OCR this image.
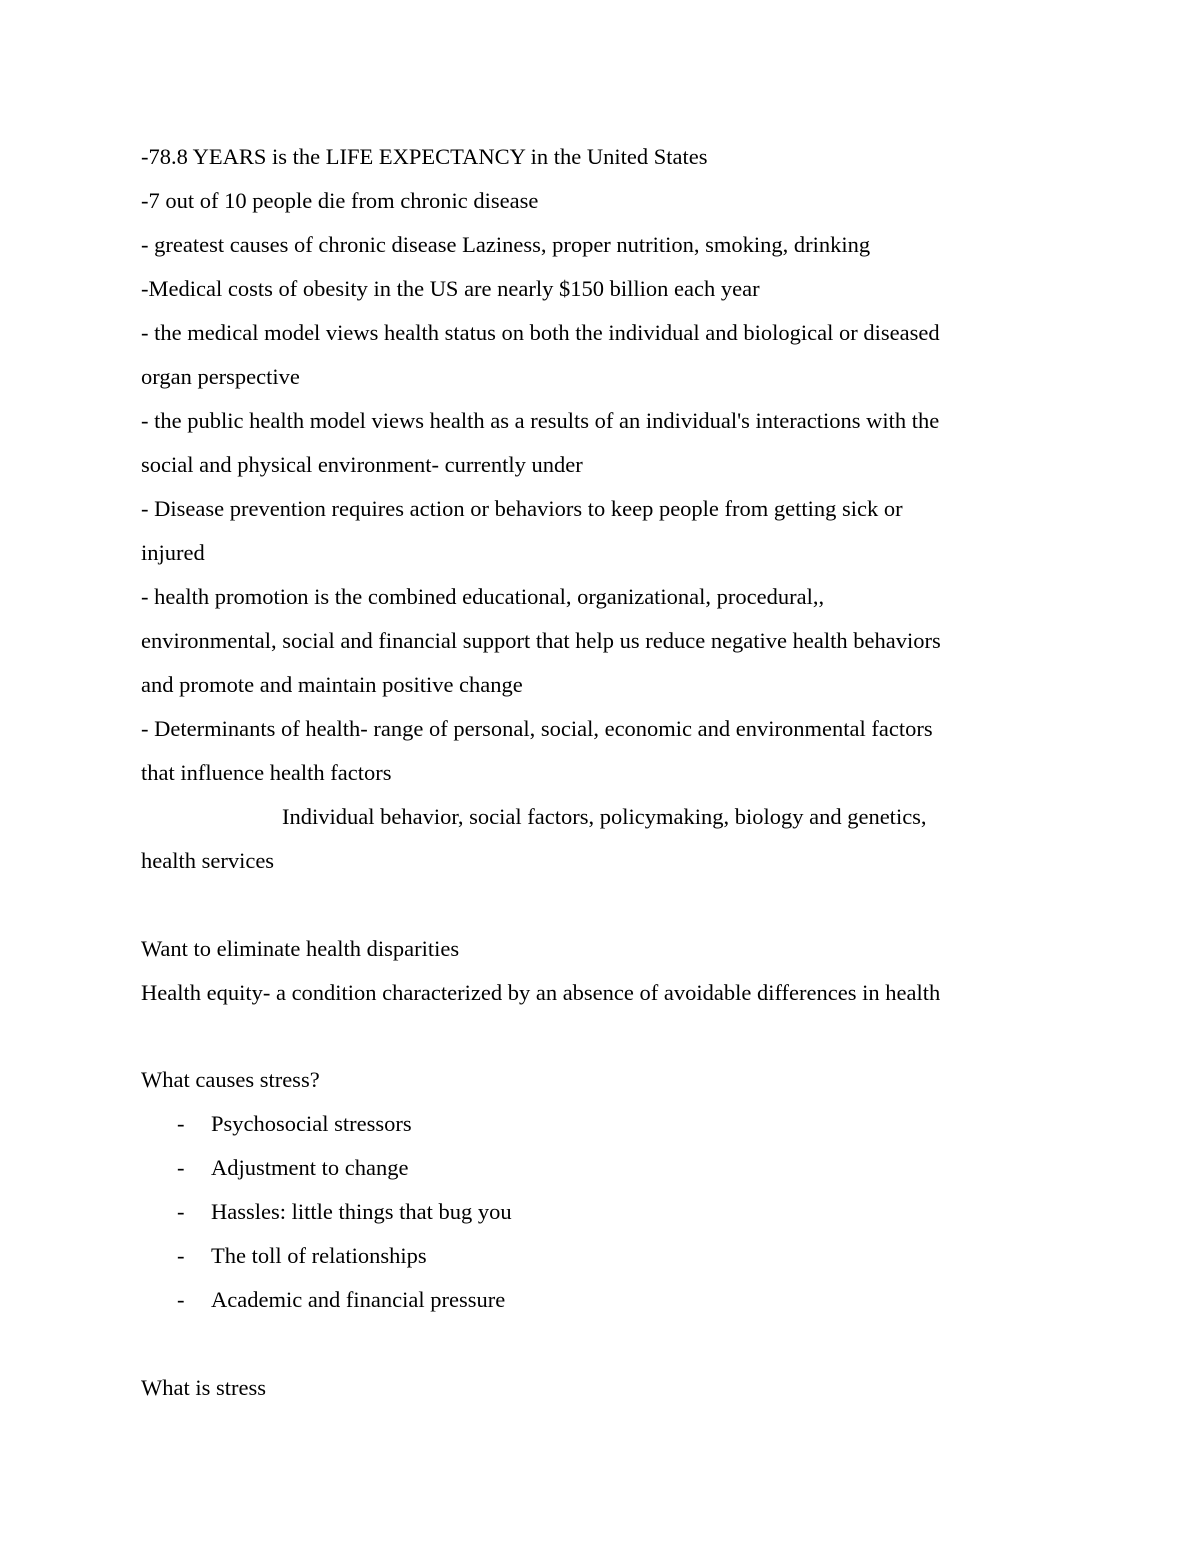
-78.8 YEARS is the LIFE EXPECTANCY in the United States
-7 out of 10 people die from chronic disease
- greatest causes of chronic disease Laziness, proper nutrition, smoking, drinking
-Medical costs of obesity in the US are nearly $150 billion each year
- the medical model views health status on both the individual and biological or diseased
organ perspective
- the public health model views health as a results of an individual's interactions with the
social and physical environment- currently under
- Disease prevention requires action or behaviors to keep people from getting sick or
injured
- health promotion is the combined educational, organizational, procedural,,
environmental, social and financial support that help us reduce negative health behaviors
and promote and maintain positive change
- Determinants of health- range of personal, social, economic and environmental factors
that influence health factors
Individual behavior, social factors, policymaking, biology and genetics,
health services
Want to eliminate health disparities
Health equity- a condition characterized by an absence of avoidable differences in health
What causes stress?
- Psychosocial stressors
- Adjustment to change
- Hassles: little things that bug you
- The toll of relationships
- Academic and financial pressure
What is stress
